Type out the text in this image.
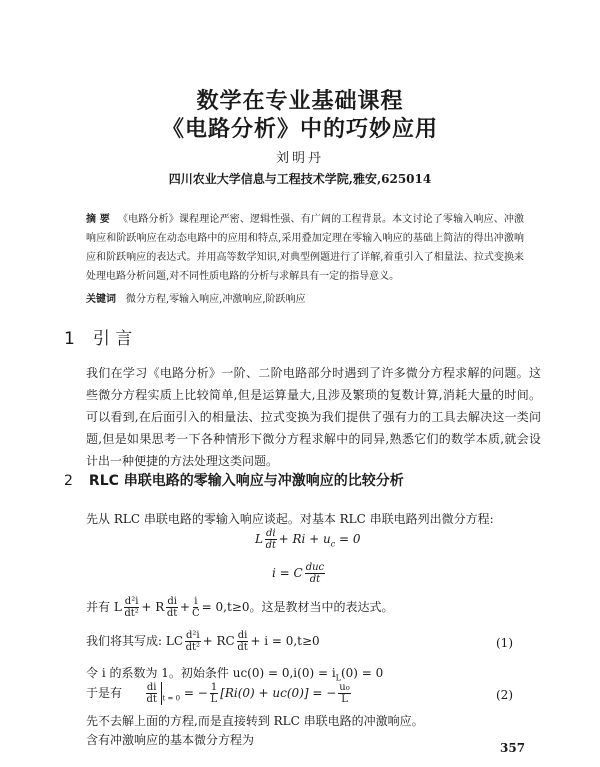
数学在专业基础课程
《电路分析》中的巧妙应用
刘明丹
四川农业大学信息与工程技术学院,雅安,625014
摘 要 《电路分析》课程理论严密、逻辑性强、有广阔的工程背景。本文讨论了零输入响应、冲激响应和阶跃响应在动态电路中的应用和特点,采用叠加定理在零输入响应的基础上简洁的得出冲激响应和阶跃响应的表达式。并用高等数学知识,对典型例题进行了详解,着重引入了相量法、拉式变换来处理电路分析问题,对不同性质电路的分析与求解具有一定的指导意义。
关键词 微分方程,零输入响应,冲激响应,阶跃响应
1 引 言
我们在学习《电路分析》一阶、二阶电路部分时遇到了许多微分方程求解的问题。这些微分方程实质上比较简单,但是运算量大,且涉及繁琐的复数计算,消耗大量的时间。可以看到,在后面引入的相量法、拉式变换为我们提供了强有力的工具去解决这一类问题,但是如果思考一下各种情形下微分方程求解中的同异,熟悉它们的数学本质,就会设计出一种便捷的方法处理这类问题。
2 RLC 串联电路的零输入响应与冲激响应的比较分析
先从 RLC 串联电路的零输入响应谈起。对基本 RLC 串联电路列出微分方程:
L $\frac{di}{dt} + Ri + u_c = 0$
i = C $\frac{\text{duc}}{dt}$
并有 L $\frac{\text{d²i}}{\text{dt²}} + R \frac{di}{dt} + \frac{i}{C} = 0,t\ge 0$。这是教材当中的表达式。
我们将其写成: LC $\frac{\text{d²i}}{\text{dt²}}$ + RC $\frac{di}{dt} + i = 0,t\ge 0$	(1)
令 i 的系数为 1。初始条件 $uc(0) = 0,i(0) = i_L(0) = 0$
于是有 $\frac{di}{dt} _{t = 0}$ = − $\frac{1}{L} [Ri(0) + uc(0)]$ = − $\frac{\text{u₀}}{L}$	(2)
先不去解上面的方程,而是直接转到 RLC 串联电路的冲激响应。
含有冲激响应的基本微分方程为
357
